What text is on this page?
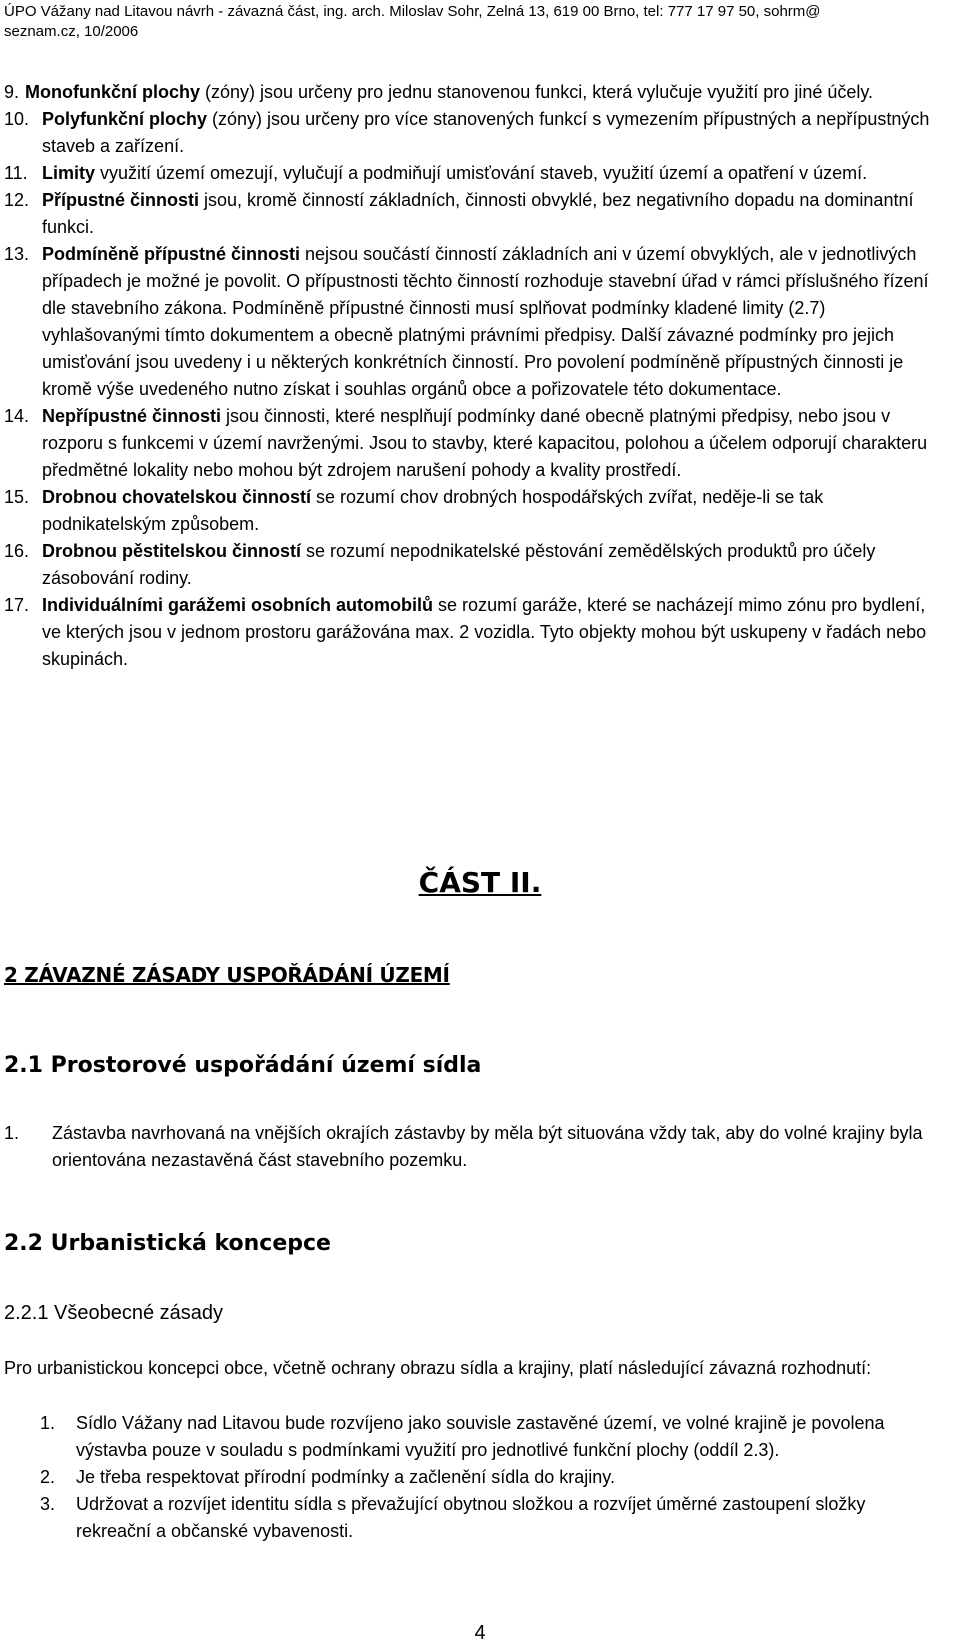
ÚPO Vážany nad Litavou návrh - závazná část, ing. arch. Miloslav Sohr, Zelná 13, 619 00 Brno, tel: 777 17 97 50, sohrm@
seznam.cz, 10/2006
9. Monofunkční plochy (zóny) jsou určeny pro jednu stanovenou funkci, která vylučuje využití pro jiné účely.
10. Polyfunkční plochy (zóny) jsou určeny pro více stanovených funkcí s vymezením přípustných a nepřípustných staveb a zařízení.
11. Limity využití území omezují, vylučují a podmiňují umisťování staveb, využití území a opatření v území.
12. Přípustné činnosti jsou, kromě činností základních, činnosti obvyklé, bez negativního dopadu na dominantní funkci.
13. Podmíněně přípustné činnosti nejsou součástí činností základních ani v území obvyklých, ale v jednotlivých případech je možné je povolit. O přípustnosti těchto činností rozhoduje stavební úřad v rámci příslušného řízení dle stavebního zákona. Podmíněně přípustné činnosti musí splňovat podmínky kladené limity (2.7) vyhlašovanými tímto dokumentem a obecně platnými právními předpisy. Další závazné podmínky pro jejich umisťování jsou uvedeny i u některých konkrétních činností. Pro povolení podmíněně přípustných činnosti je kromě výše uvedeného nutno získat i souhlas orgánů obce a pořizovatele této dokumentace.
14. Nepřípustné činnosti jsou činnosti, které nesplňují podmínky dané obecně platnými předpisy, nebo jsou v rozporu s funkcemi v území navrženými. Jsou to stavby, které kapacitou, polohou a účelem odporují charakteru předmětné lokality nebo mohou být zdrojem narušení pohody a kvality prostředí.
15. Drobnou chovatelskou činností se rozumí chov drobných hospodářských zvířat, neděje-li se tak podnikatelským způsobem.
16. Drobnou pěstitelskou činností se rozumí nepodnikatelské pěstování zemědělských produktů pro účely zásobování rodiny.
17. Individuálními garážemi osobních automobilů se rozumí garáže, které se nacházejí mimo zónu pro bydlení, ve kterých jsou v jednom prostoru garážována max. 2 vozidla. Tyto objekty mohou být uskupeny v řadách nebo skupinách.
ČÁST II.
2 ZÁVAZNÉ ZÁSADY USPOŘÁDÁNÍ ÚZEMÍ
2.1 Prostorové uspořádání území sídla
1.	Zástavba navrhovaná na vnějších okrajích zástavby by měla být situována vždy tak, aby do volné krajiny byla orientována nezastavěná část stavebního pozemku.
2.2 Urbanistická koncepce
2.2.1 Všeobecné zásady
Pro urbanistickou koncepci obce, včetně ochrany obrazu sídla a krajiny, platí následující závazná rozhodnutí:
1.	Sídlo Vážany nad Litavou bude rozvíjeno jako souvisle zastavěné území, ve volné krajině je povolena výstavba pouze v souladu s podmínkami využití pro jednotlivé funkční plochy (oddíl 2.3).
2.	Je třeba respektovat přírodní podmínky a začlenění sídla do krajiny.
3.	Udržovat a rozvíjet identitu sídla s převažující obytnou složkou a rozvíjet úměrné zastoupení složky rekreační a občanské vybavenosti.
4
